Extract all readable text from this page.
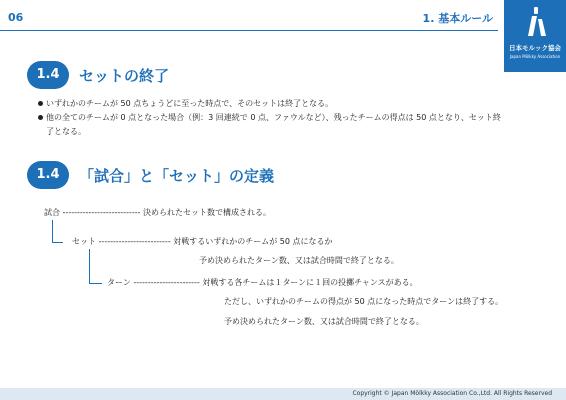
06	1. 基本ルール
日本モルック協会
Japan Mölkky Association
1.4	セットの終了
いずれかのチームが 50 点ちょうどに至った時点で、そのセットは終了となる。
他の全てのチームが 0 点となった場合（例：3 回連続で 0 点、ファウルなど）、残ったチームの得点は 50 点となり、セット終了となる。
1.4	「試合」と「セット」の定義
試合 --------------------------- 決められたセット数で構成される。
セット ------------------------- 対戦するいずれかのチームが 50 点になるか
予め決められたターン数、又は試合時間で終了となる。
ターン ----------------------- 対戦する各チームは１ターンに１回の投擲チャンスがある。
ただし、いずれかのチームの得点が 50 点になった時点でターンは終了する。
予め決められたターン数、又は試合時間で終了となる。
Copyright © Japan Mölkky Association Co.,Ltd. All Rights Reserved
